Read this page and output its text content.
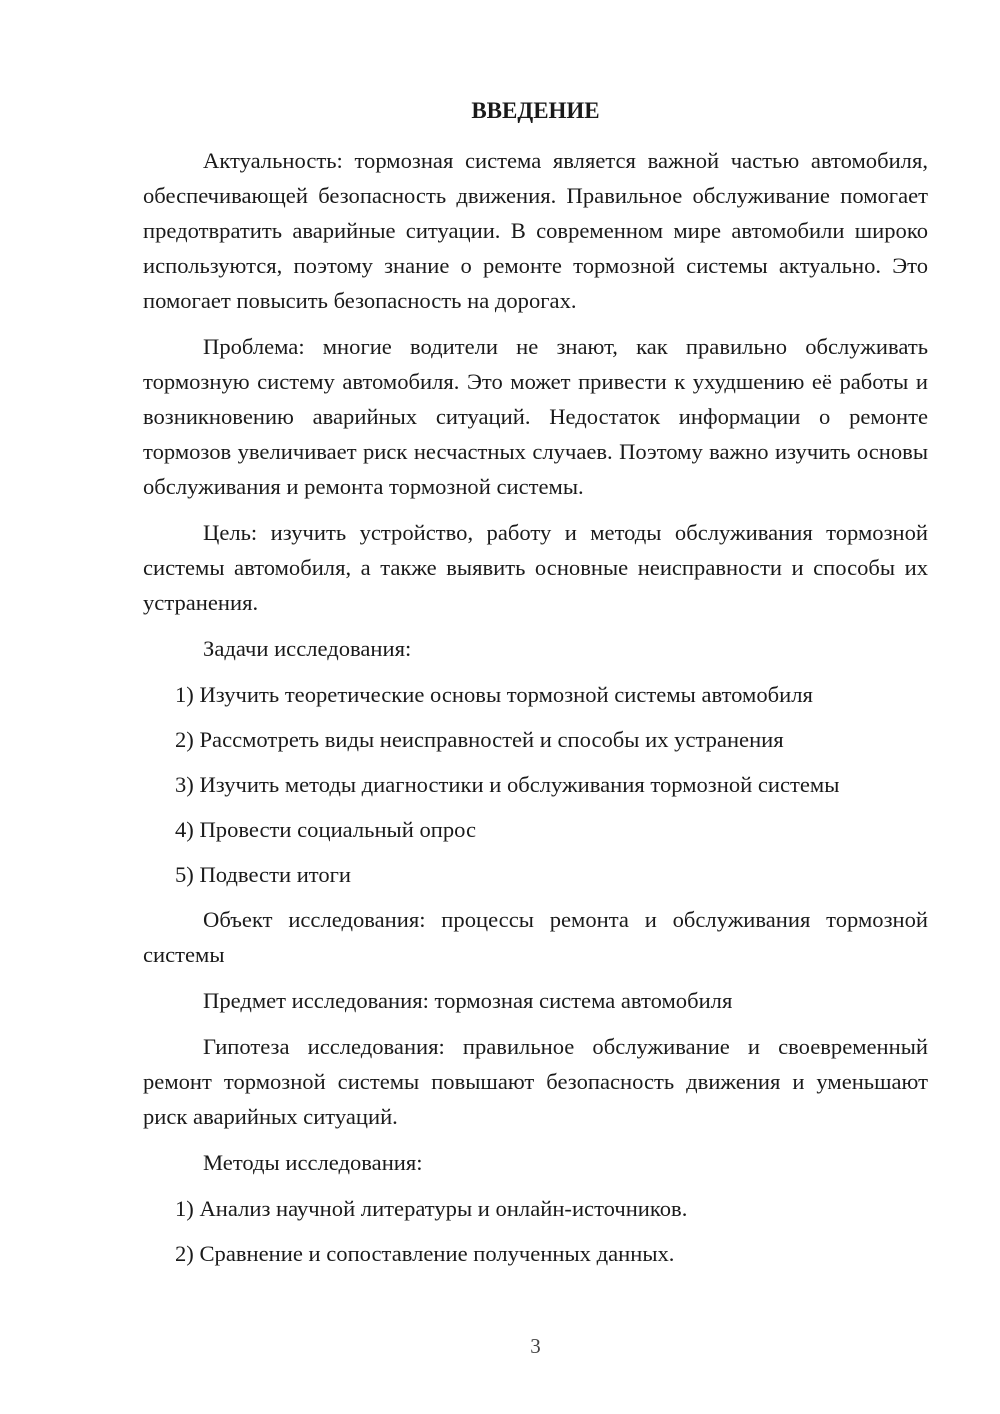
ВВЕДЕНИЕ

Актуальность: тормозная система является важной частью автомобиля, обеспечивающей безопасность движения. Правильное обслуживание помогает предотвратить аварийные ситуации. В современном мире автомобили широко используются, поэтому знание о ремонте тормозной системы актуально. Это помогает повысить безопасность на дорогах.

Проблема: многие водители не знают, как правильно обслуживать тормозную систему автомобиля. Это может привести к ухудшению её работы и возникновению аварийных ситуаций. Недостаток информации о ремонте тормозов увеличивает риск несчастных случаев. Поэтому важно изучить основы обслуживания и ремонта тормозной системы.

Цель: изучить устройство, работу и методы обслуживания тормозной системы автомобиля, а также выявить основные неисправности и способы их устранения.

Задачи исследования:

1) Изучить теоретические основы тормозной системы автомобиля

2) Рассмотреть виды неисправностей и способы их устранения

3) Изучить методы диагностики и обслуживания тормозной системы

4) Провести социальный опрос

5) Подвести итоги

Объект исследования: процессы ремонта и обслуживания тормозной системы

Предмет исследования: тормозная система автомобиля

Гипотеза исследования: правильное обслуживание и своевременный ремонт тормозной системы повышают безопасность движения и уменьшают риск аварийных ситуаций.

Методы исследования:

1) Анализ научной литературы и онлайн-источников.

2) Сравнение и сопоставление полученных данных.

3
